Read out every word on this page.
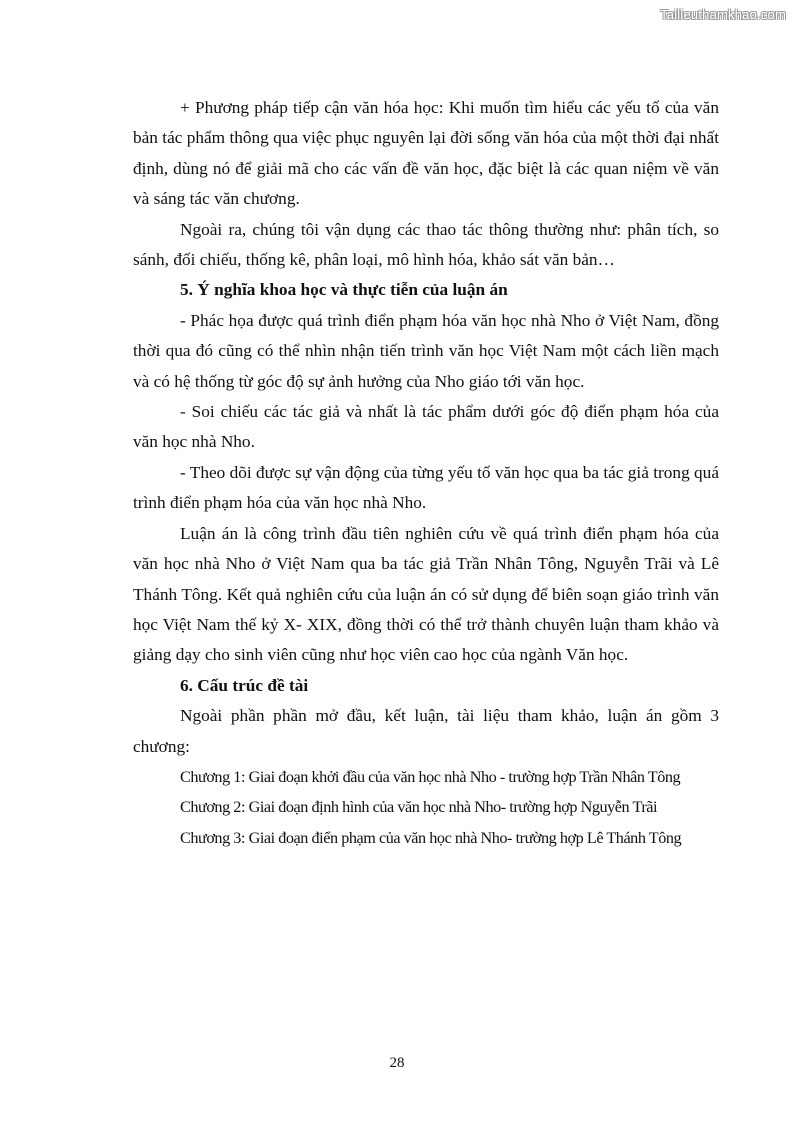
Tailieuthamkhao.com

+ Phương pháp tiếp cận văn hóa học: Khi muốn tìm hiểu các yếu tố của văn bản tác phẩm thông qua việc phục nguyên lại đời sống văn hóa của một thời đại nhất định, dùng nó để giải mã cho các vấn đề văn học, đặc biệt là các quan niệm về văn và sáng tác văn chương.

Ngoài ra, chúng tôi vận dụng các thao tác thông thường như: phân tích, so sánh, đối chiếu, thống kê, phân loại, mô hình hóa, khảo sát văn bản…

5. Ý nghĩa khoa học và thực tiễn của luận án

- Phác họa được quá trình điển phạm hóa văn học nhà Nho ở Việt Nam, đồng thời qua đó cũng có thể nhìn nhận tiến trình văn học Việt Nam một cách liền mạch và có hệ thống từ góc độ sự ảnh hưởng của Nho giáo tới văn học.

- Soi chiếu các tác giả và nhất là tác phẩm dưới góc độ điển phạm hóa của văn học nhà Nho.

- Theo dõi được sự vận động của từng yếu tố văn học qua ba tác giả trong quá trình điển phạm hóa của văn học nhà Nho.

Luận án là công trình đầu tiên nghiên cứu về quá trình điển phạm hóa của văn học nhà Nho ở Việt Nam qua ba tác giả Trần Nhân Tông, Nguyễn Trãi và Lê Thánh Tông. Kết quả nghiên cứu của luận án có sử dụng để biên soạn giáo trình văn học Việt Nam thế kỷ X- XIX, đồng thời có thể trở thành chuyên luận tham khảo và giảng dạy cho sinh viên cũng như học viên cao học của ngành Văn học.

6. Cấu trúc đề tài

Ngoài phần phần mở đầu, kết luận, tài liệu tham khảo, luận án gồm 3 chương:

Chương 1: Giai đoạn khởi đầu của văn học nhà Nho - trường hợp Trần Nhân Tông

Chương 2: Giai đoạn định hình của văn học nhà Nho- trường hợp Nguyễn Trãi

Chương 3: Giai đoạn điển phạm của văn học nhà Nho- trường hợp Lê Thánh Tông

28
